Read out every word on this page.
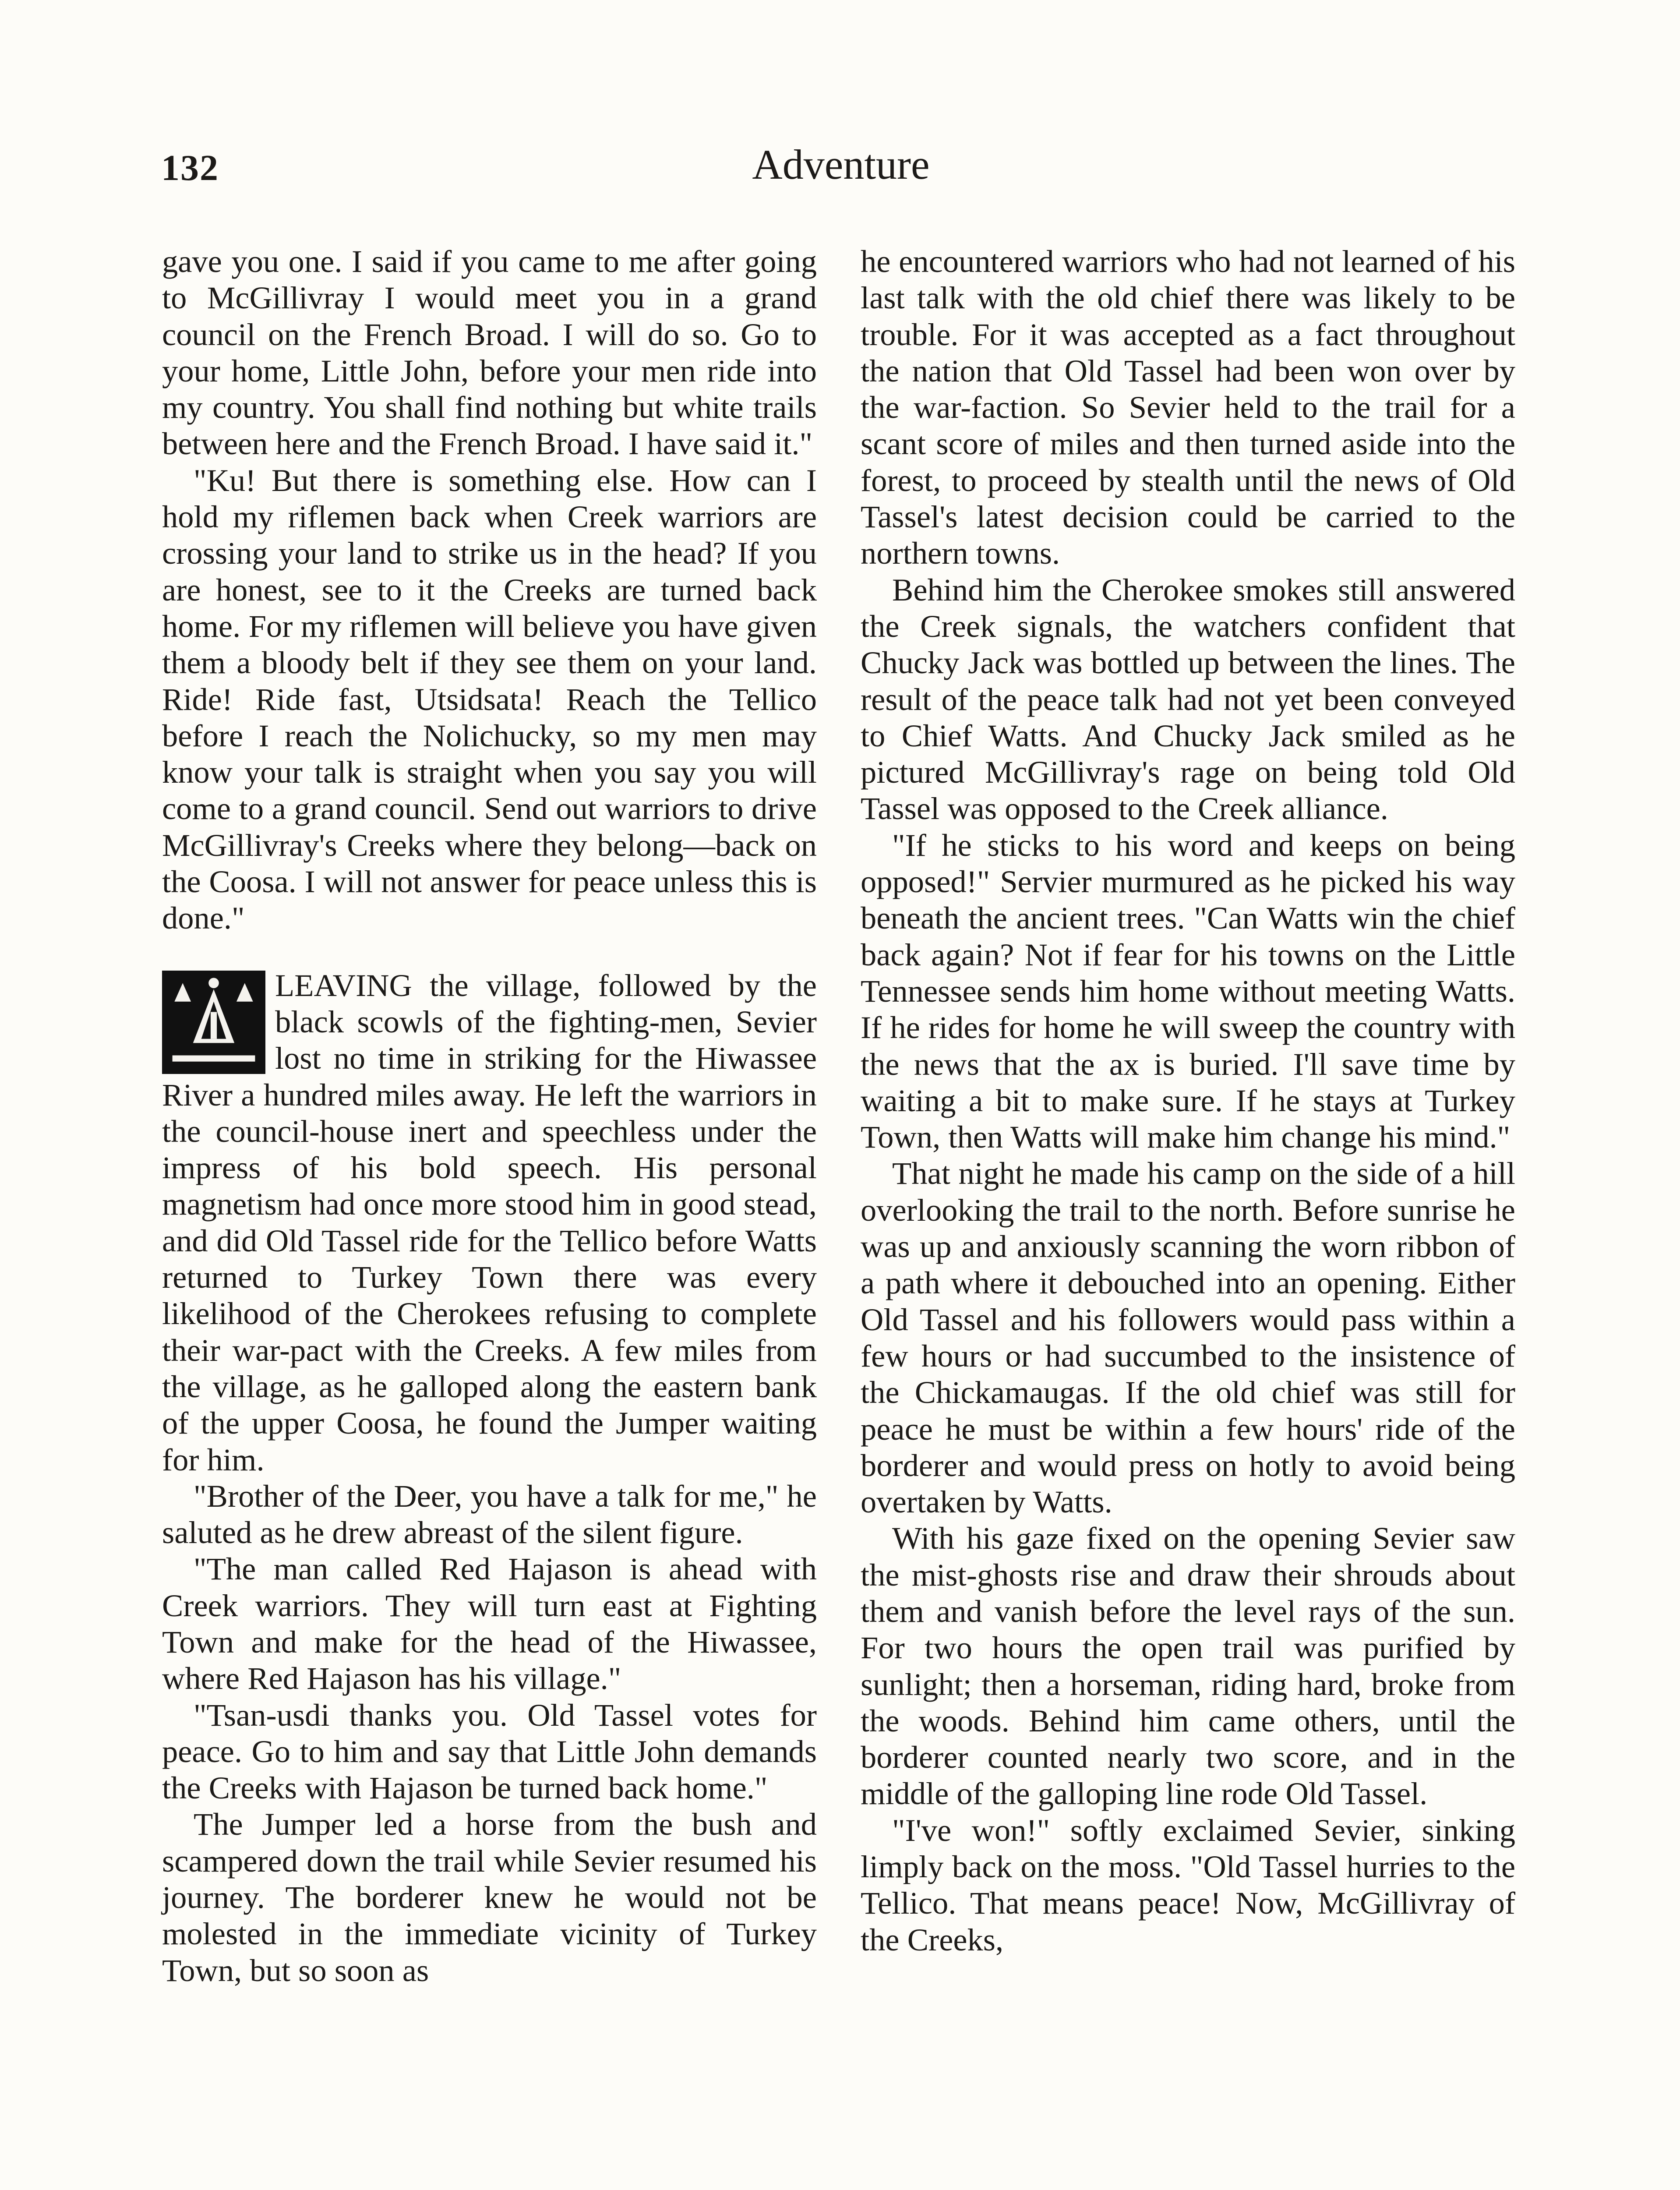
132	Adventure

gave you one. I said if you came to me after going to McGillivray I would meet you in a grand council on the French Broad. I will do so. Go to your home, Little John, before your men ride into my country. You shall find nothing but white trails between here and the French Broad. I have said it."

"Ku! But there is something else. How can I hold my riflemen back when Creek warriors are crossing your land to strike us in the head? If you are honest, see to it the Creeks are turned back home. For my riflemen will believe you have given them a bloody belt if they see them on your land. Ride! Ride fast, Utsidsata! Reach the Tellico before I reach the Nolichucky, so my men may know your talk is straight when you say you will come to a grand council. Send out warriors to drive McGillivray's Creeks where they belong—back on the Coosa. I will not answer for peace unless this is done."

LEAVING the village, followed by the black scowls of the fighting-men, Sevier lost no time in striking for the Hiwassee River a hundred miles away. He left the warriors in the council-house inert and speechless under the impress of his bold speech. His personal magnetism had once more stood him in good stead, and did Old Tassel ride for the Tellico before Watts returned to Turkey Town there was every likelihood of the Cherokees refusing to complete their war-pact with the Creeks. A few miles from the village, as he galloped along the eastern bank of the upper Coosa, he found the Jumper waiting for him.

"Brother of the Deer, you have a talk for me," he saluted as he drew abreast of the silent figure.

"The man called Red Hajason is ahead with Creek warriors. They will turn east at Fighting Town and make for the head of the Hiwassee, where Red Hajason has his village."

"Tsan-usdi thanks you. Old Tassel votes for peace. Go to him and say that Little John demands the Creeks with Hajason be turned back home."

The Jumper led a horse from the bush and scampered down the trail while Sevier resumed his journey. The borderer knew he would not be molested in the immediate vicinity of Turkey Town, but so soon as

he encountered warriors who had not learned of his last talk with the old chief there was likely to be trouble. For it was accepted as a fact throughout the nation that Old Tassel had been won over by the war-faction. So Sevier held to the trail for a scant score of miles and then turned aside into the forest, to proceed by stealth until the news of Old Tassel's latest decision could be carried to the northern towns.

Behind him the Cherokee smokes still answered the Creek signals, the watchers confident that Chucky Jack was bottled up between the lines. The result of the peace talk had not yet been conveyed to Chief Watts. And Chucky Jack smiled as he pictured McGillivray's rage on being told Old Tassel was opposed to the Creek alliance.

"If he sticks to his word and keeps on being opposed!" Servier murmured as he picked his way beneath the ancient trees. "Can Watts win the chief back again? Not if fear for his towns on the Little Tennessee sends him home without meeting Watts. If he rides for home he will sweep the country with the news that the ax is buried. I'll save time by waiting a bit to make sure. If he stays at Turkey Town, then Watts will make him change his mind."

That night he made his camp on the side of a hill overlooking the trail to the north. Before sunrise he was up and anxiously scanning the worn ribbon of a path where it debouched into an opening. Either Old Tassel and his followers would pass within a few hours or had succumbed to the insistence of the Chickamaugas. If the old chief was still for peace he must be within a few hours' ride of the borderer and would press on hotly to avoid being overtaken by Watts.

With his gaze fixed on the opening Sevier saw the mist-ghosts rise and draw their shrouds about them and vanish before the level rays of the sun. For two hours the open trail was purified by sunlight; then a horseman, riding hard, broke from the woods. Behind him came others, until the borderer counted nearly two score, and in the middle of the galloping line rode Old Tassel.

"I've won!" softly exclaimed Sevier, sinking limply back on the moss. "Old Tassel hurries to the Tellico. That means peace! Now, McGillivray of the Creeks,
